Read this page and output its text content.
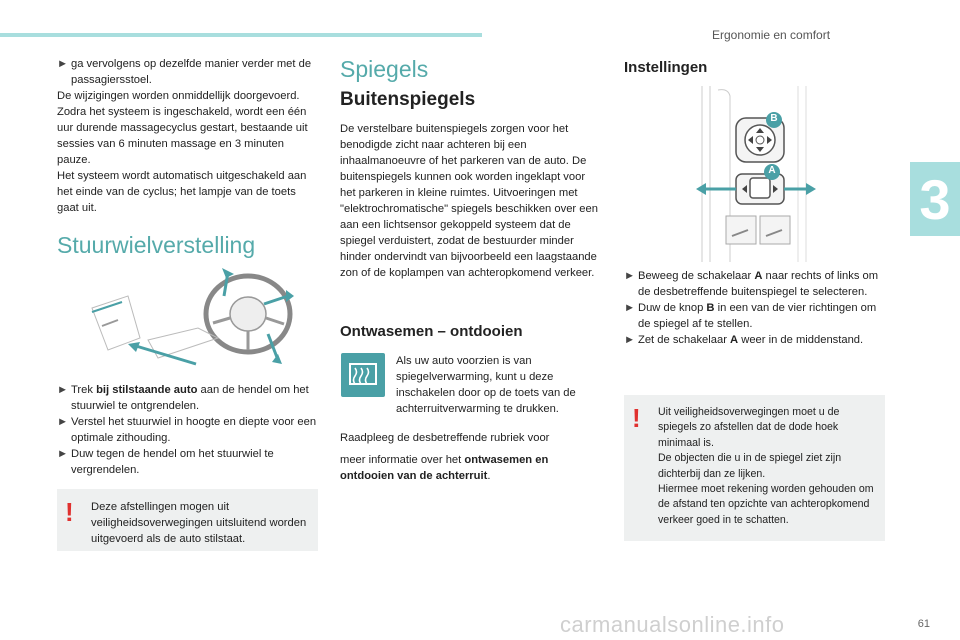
Ergonomie en comfort
3
► ga vervolgens op dezelfde manier verder met de passagiersstoel.

De wijzigingen worden onmiddellijk doorgevoerd.

Zodra het systeem is ingeschakeld, wordt een één uur durende massagecyclus gestart, bestaande uit sessies van 6 minuten massage en 3 minuten pauze.

Het systeem wordt automatisch uitgeschakeld aan het einde van de cyclus; het lampje van de toets gaat uit.

Stuurwielverstelling
► Trek bij stilstaande auto aan de hendel om het stuurwiel te ontgrendelen.
► Verstel het stuurwiel in hoogte en diepte voor een optimale zithouding.
► Duw tegen de hendel om het stuurwiel te vergrendelen.
!	Deze afstellingen mogen uit veiligheidsoverwegingen uitsluitend worden uitgevoerd als de auto stilstaat.
Spiegels
Buitenspiegels
De verstelbare buitenspiegels zorgen voor het benodigde zicht naar achteren bij een inhaalmanoeuvre of het parkeren van de auto. De buitenspiegels kunnen ook worden ingeklapt voor het parkeren in kleine ruimtes. Uitvoeringen met "elektrochromatische" spiegels beschikken over een aan een lichtsensor gekoppeld systeem dat de spiegel verduistert, zodat de bestuurder minder hinder ondervindt van bijvoorbeeld een laagstaande zon of de koplampen van achteropkomend verkeer.
Ontwasemen – ontdooien
Als uw auto voorzien is van spiegelverwarming, kunt u deze inschakelen door op de toets van de achterruitverwarming te drukken.
Raadpleeg de desbetreffende rubriek voor
meer informatie over het ontwasemen en ontdooien van de achterruit.
Instellingen
B
A
► Beweeg de schakelaar A naar rechts of links om de desbetreffende buitenspiegel te selecteren.
► Duw de knop B in een van de vier richtingen om de spiegel af te stellen.
► Zet de schakelaar A weer in de middenstand.
!	Uit veiligheidsoverwegingen moet u de spiegels zo afstellen dat de dode hoek minimaal is.

De objecten die u in de spiegel ziet zijn dichterbij dan ze lijken.

Hiermee moet rekening worden gehouden om de afstand ten opzichte van achteropkomend verkeer goed in te schatten.

carmanualsonline.info	61
